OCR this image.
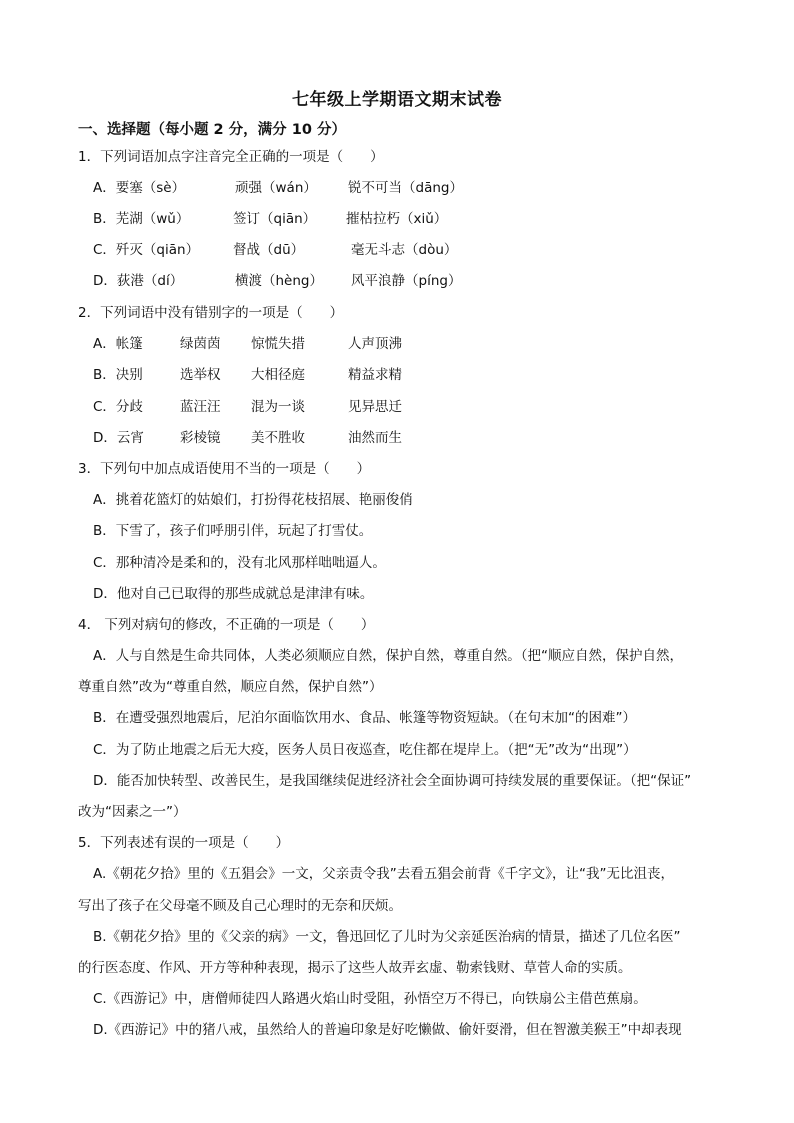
七年级上学期语文期末试卷
一、选择题（每小题 2 分，满分 10 分）
1．下列词语加点字注音完全正确的一项是（　　）
A．要塞（sè）	顽强（wán） 锐不可当（dāng）
B．芜湖（wǔ）	签订（qiān） 摧枯拉朽（xiǔ）
C．歼灭（qiān）	督战（dū）	毫无斗志（dòu）
D．荻港（dí）	横渡（hèng） 风平浪静（píng）
2．下列词语中没有错别字的一项是（　　）
A．帐篷	绿茵茵 惊慌失措	人声顶沸
B．决别	选举权 大相径庭	精益求精
C．分歧	蓝汪汪 混为一谈	见异思迁
D．云宵	彩棱镜 美不胜收	油然而生
3．下列句中加点成语使用不当的一项是（　　）
A．挑着花篮灯的姑娘们，打扮得花枝招展、艳丽俊俏
B．下雪了，孩子们呼朋引伴，玩起了打雪仗。
C．那种清冷是柔和的，没有北风那样咄咄逼人。
D．他对自己已取得的那些成就总是津津有味。
4． 下列对病句的修改，不正确的一项是（　　）
A．人与自然是生命共同体，人类必须顺应自然，保护自然，尊重自然。（把“顺应自然，保护自然，
尊重自然”改为“尊重自然，顺应自然，保护自然”）
B．在遭受强烈地震后，尼泊尔面临饮用水、食品、帐篷等物资短缺。（在句末加“的困难”）
C．为了防止地震之后无大疫，医务人员日夜巡查，吃住都在堤岸上。（把“无”改为“出现”）
D．能否加快转型、改善民生，是我国继续促进经济社会全面协调可持续发展的重要保证。（把“保证”
改为“因素之一”）
5．下列表述有误的一项是（　　）
A.《朝花夕拾》里的《五猖会》一文，父亲责令我”去看五猖会前背《千字文》，让“我”无比沮丧，
写出了孩子在父母毫不顾及自己心理时的无奈和厌烦。
B.《朝花夕拾》里的《父亲的病》一文，鲁迅回忆了儿时为父亲延医治病的情景，描述了几位名医”
的行医态度、作风、开方等种种表现，揭示了这些人故弄玄虚、勒索钱财、草菅人命的实质。
C.《西游记》中，唐僧师徒四人路遇火焰山时受阻，孙悟空万不得已，向铁扇公主借芭蕉扇。
D.《西游记》中的猪八戒，虽然给人的普遍印象是好吃懒做、偷奸耍滑，但在智激美猴王”中却表现
